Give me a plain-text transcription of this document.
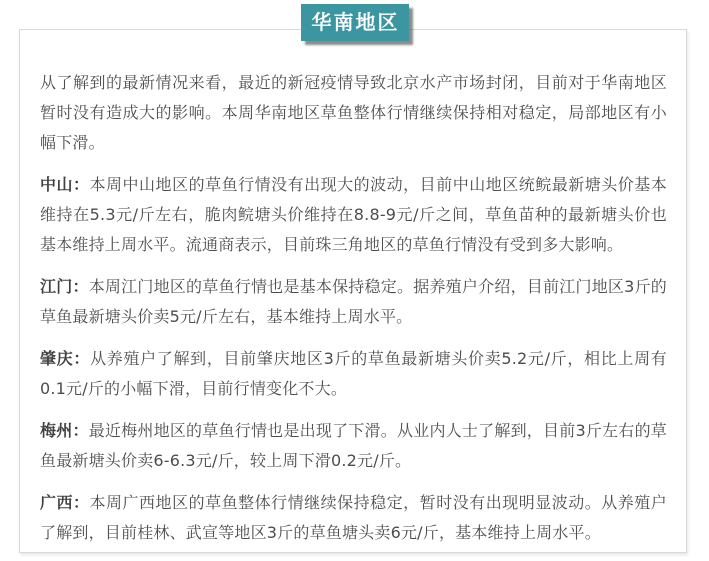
华南地区

从了解到的最新情况来看，最近的新冠疫情导致北京水产市场封闭，目前对于华南地区暂时没有造成大的影响。本周华南地区草鱼整体行情继续保持相对稳定，局部地区有小幅下滑。

中山：本周中山地区的草鱼行情没有出现大的波动，目前中山地区统鲩最新塘头价基本维持在5.3元/斤左右，脆肉鲩塘头价维持在8.8-9元/斤之间，草鱼苗种的最新塘头价也基本维持上周水平。流通商表示，目前珠三角地区的草鱼行情没有受到多大影响。

江门：本周江门地区的草鱼行情也是基本保持稳定。据养殖户介绍，目前江门地区3斤的草鱼最新塘头价卖5元/斤左右，基本维持上周水平。

肇庆：从养殖户了解到，目前肇庆地区3斤的草鱼最新塘头价卖5.2元/斤，相比上周有0.1元/斤的小幅下滑，目前行情变化不大。

梅州：最近梅州地区的草鱼行情也是出现了下滑。从业内人士了解到，目前3斤左右的草鱼最新塘头价卖6-6.3元/斤，较上周下滑0.2元/斤。

广西：本周广西地区的草鱼整体行情继续保持稳定，暂时没有出现明显波动。从养殖户了解到，目前桂林、武宣等地区3斤的草鱼塘头卖6元/斤，基本维持上周水平。
